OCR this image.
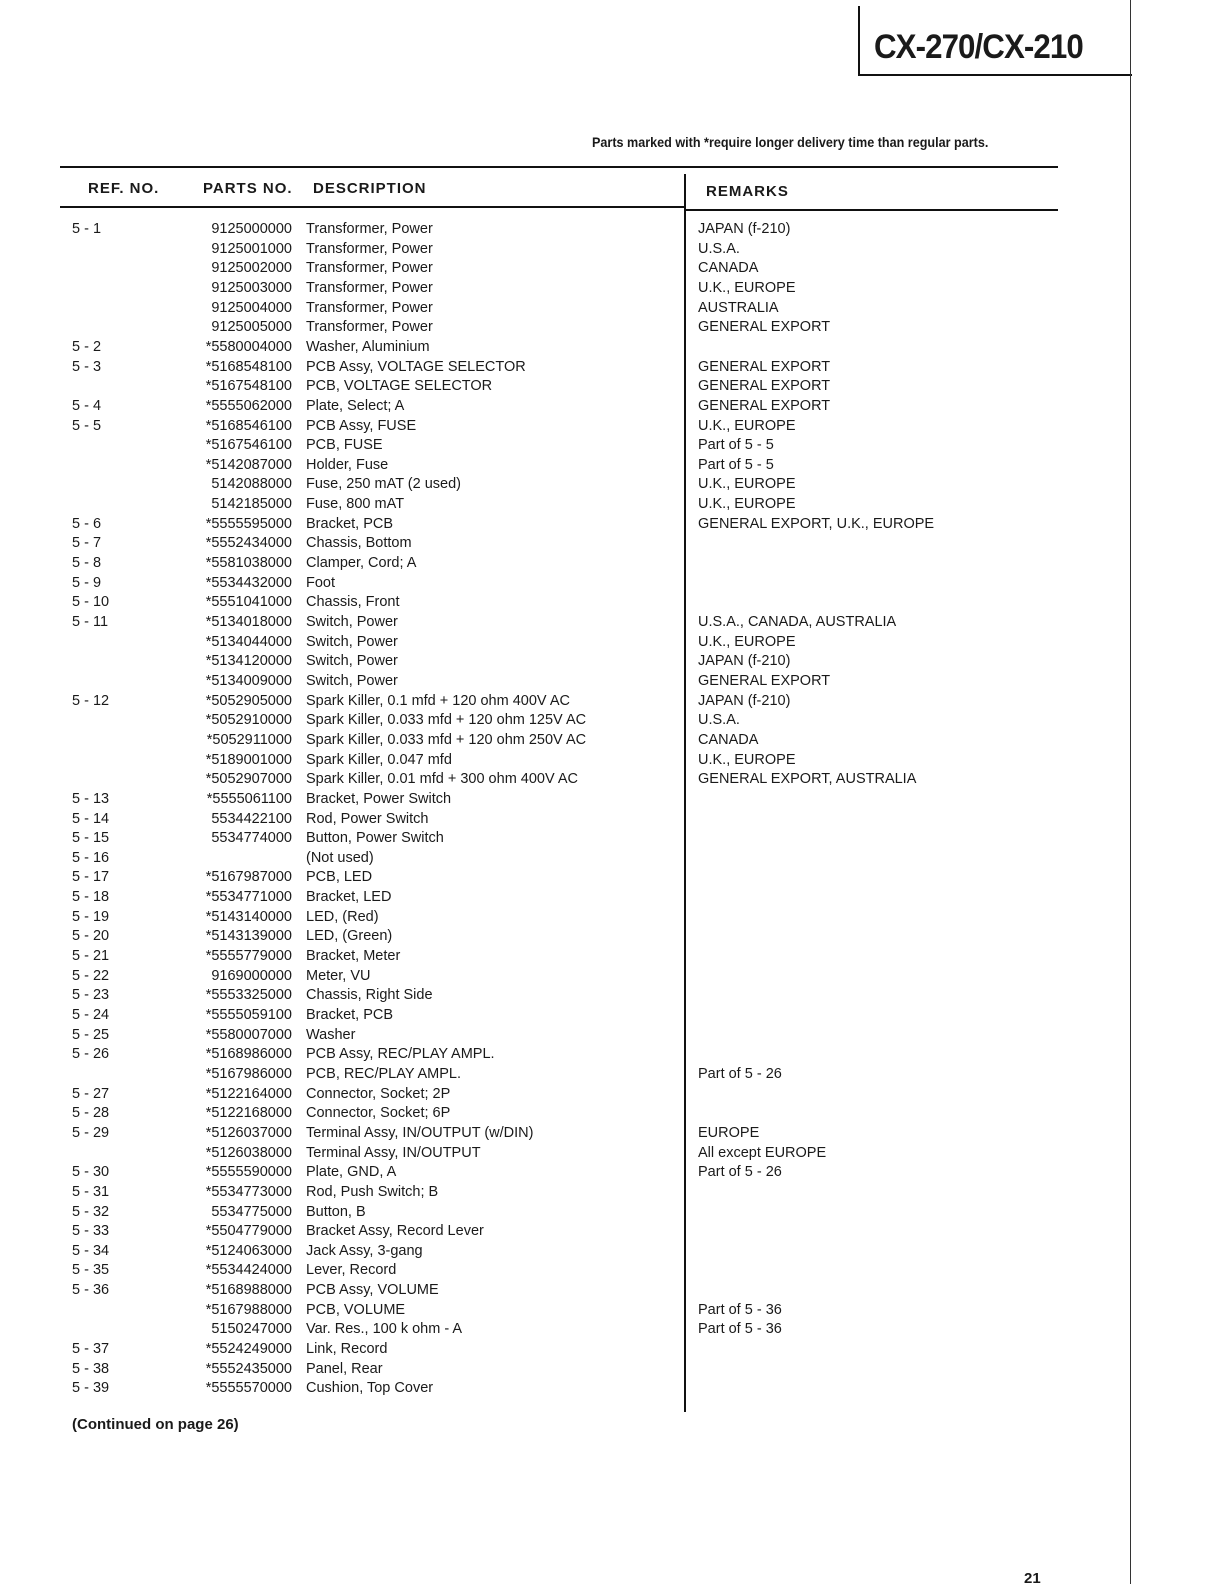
CX-270/CX-210
Parts marked with *require longer delivery time than regular parts.
REF. NO.	PARTS NO. DESCRIPTION	REMARKS
5 - 1	9125000000 Transformer, Power	JAPAN (f-210)
9125001000 Transformer, Power	U.S.A.
9125002000 Transformer, Power	CANADA
9125003000 Transformer, Power	U.K., EUROPE
9125004000 Transformer, Power	AUSTRALIA
9125005000 Transformer, Power	GENERAL EXPORT
5 - 2	*5580004000 Washer, Aluminium
5 - 3	*5168548100 PCB Assy, VOLTAGE SELECTOR	GENERAL EXPORT
*5167548100 PCB, VOLTAGE SELECTOR	GENERAL EXPORT
5 - 4	*5555062000 Plate, Select; A	GENERAL EXPORT
5 - 5	*5168546100 PCB Assy, FUSE	U.K., EUROPE
*5167546100 PCB, FUSE	Part of 5 - 5
*5142087000 Holder, Fuse	Part of 5 - 5
5142088000 Fuse, 250 mAT (2 used)	U.K., EUROPE
5142185000 Fuse, 800 mAT	U.K., EUROPE
5 - 6	*5555595000 Bracket, PCB	GENERAL EXPORT, U.K., EUROPE
5 - 7	*5552434000 Chassis, Bottom
5 - 8	*5581038000 Clamper, Cord; A
5 - 9	*5534432000 Foot
5 - 10	*5551041000 Chassis, Front
5 - 11	*5134018000 Switch, Power	U.S.A., CANADA, AUSTRALIA
*5134044000 Switch, Power	U.K., EUROPE
*5134120000 Switch, Power	JAPAN (f-210)
*5134009000 Switch, Power	GENERAL EXPORT
5 - 12	*5052905000 Spark Killer, 0.1 mfd + 120 ohm 400V AC	JAPAN (f-210)
*5052910000 Spark Killer, 0.033 mfd + 120 ohm 125V AC	U.S.A.
*5052911000 Spark Killer, 0.033 mfd + 120 ohm 250V AC	CANADA
*5189001000 Spark Killer, 0.047 mfd	U.K., EUROPE
*5052907000 Spark Killer, 0.01 mfd + 300 ohm 400V AC	GENERAL EXPORT, AUSTRALIA
5 - 13	*5555061100 Bracket, Power Switch
5 - 14	5534422100 Rod, Power Switch
5 - 15	5534774000 Button, Power Switch
5 - 16	(Not used)
5 - 17	*5167987000 PCB, LED
5 - 18	*5534771000 Bracket, LED
5 - 19	*5143140000 LED, (Red)
5 - 20	*5143139000 LED, (Green)
5 - 21	*5555779000 Bracket, Meter
5 - 22	9169000000 Meter, VU
5 - 23	*5553325000 Chassis, Right Side
5 - 24	*5555059100 Bracket, PCB
5 - 25	*5580007000 Washer
5 - 26	*5168986000 PCB Assy, REC/PLAY AMPL.
*5167986000 PCB, REC/PLAY AMPL.	Part of 5 - 26
5 - 27	*5122164000 Connector, Socket; 2P
5 - 28	*5122168000 Connector, Socket; 6P
5 - 29	*5126037000 Terminal Assy, IN/OUTPUT (w/DIN)	EUROPE
*5126038000 Terminal Assy, IN/OUTPUT	All except EUROPE
5 - 30	*5555590000 Plate, GND, A	Part of 5 - 26
5 - 31	*5534773000 Rod, Push Switch; B
5 - 32	5534775000 Button, B
5 - 33	*5504779000 Bracket Assy, Record Lever
5 - 34	*5124063000 Jack Assy, 3-gang
5 - 35	*5534424000 Lever, Record
5 - 36	*5168988000 PCB Assy, VOLUME
*5167988000 PCB, VOLUME	Part of 5 - 36
5150247000 Var. Res., 100 k ohm - A	Part of 5 - 36
5 - 37	*5524249000 Link, Record
5 - 38	*5552435000 Panel, Rear
5 - 39	*5555570000 Cushion, Top Cover
(Continued on page 26)
21
